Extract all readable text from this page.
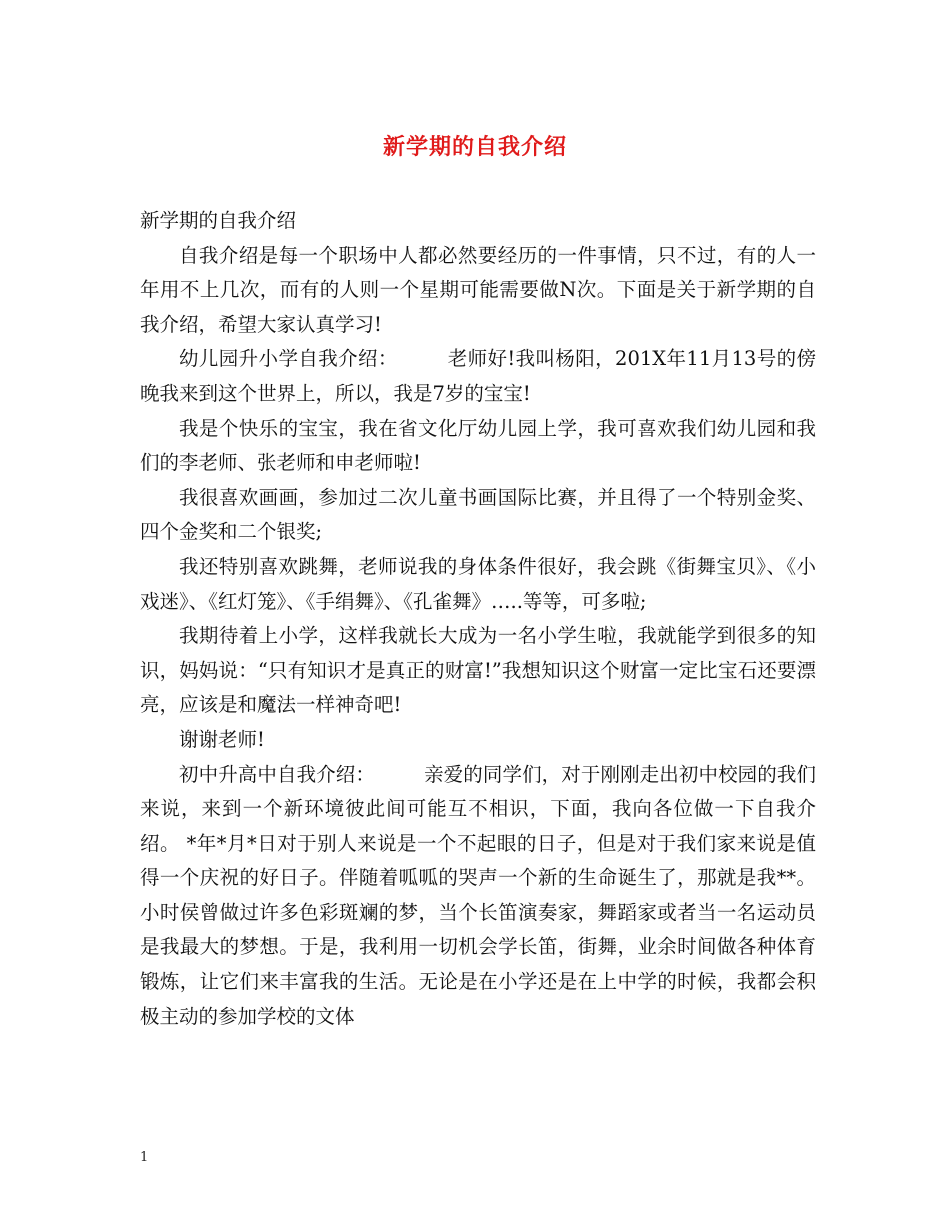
新学期的自我介绍

新学期的自我介绍

自我介绍是每一个职场中人都必然要经历的一件事情，只不过，有的人一年用不上几次，而有的人则一个星期可能需要做N次。下面是关于新学期的自我介绍，希望大家认真学习!

幼儿园升小学自我介绍：　　　老师好!我叫杨阳，201X年11月13号的傍晚我来到这个世界上，所以，我是7岁的宝宝!

我是个快乐的宝宝，我在省文化厅幼儿园上学，我可喜欢我们幼儿园和我们的李老师、张老师和申老师啦!

我很喜欢画画，参加过二次儿童书画国际比赛，并且得了一个特别金奖、四个金奖和二个银奖;

我还特别喜欢跳舞，老师说我的身体条件很好，我会跳《街舞宝贝》、《小戏迷》、《红灯笼》、《手绢舞》、《孔雀舞》…..等等，可多啦;

我期待着上小学，这样我就长大成为一名小学生啦，我就能学到很多的知识，妈妈说：“只有知识才是真正的财富!”我想知识这个财富一定比宝石还要漂亮，应该是和魔法一样神奇吧!

谢谢老师!

初中升高中自我介绍：　　　亲爱的同学们，对于刚刚走出初中校园的我们来说，来到一个新环境彼此间可能互不相识，下面，我向各位做一下自我介绍。 *年*月*日对于别人来说是一个不起眼的日子，但是对于我们家来说是值得一个庆祝的好日子。伴随着呱呱的哭声一个新的生命诞生了，那就是我**。小时侯曾做过许多色彩斑斓的梦，当个长笛演奏家，舞蹈家或者当一名运动员是我最大的梦想。于是，我利用一切机会学长笛，街舞，业余时间做各种体育锻炼，让它们来丰富我的生活。无论是在小学还是在上中学的时候，我都会积极主动的参加学校的文体

1
